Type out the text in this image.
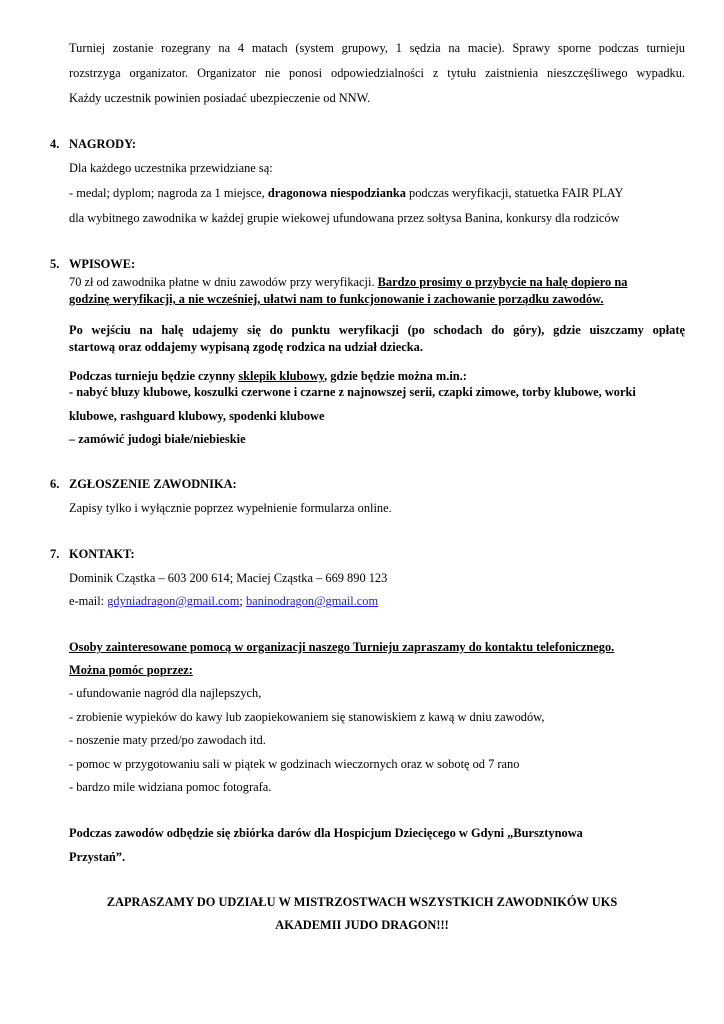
Turniej zostanie rozegrany na 4 matach (system grupowy, 1 sędzia na macie). Sprawy sporne podczas turnieju
rozstrzyga organizator. Organizator nie ponosi odpowiedzialności z tytułu zaistnienia nieszczęśliwego wypadku.
Każdy uczestnik powinien posiadać ubezpieczenie od NNW.
4. NAGRODY:
Dla każdego uczestnika przewidziane są:
- medal; dyplom; nagroda za 1 miejsce, dragonowa niespodzianka podczas weryfikacji, statuetka FAIR PLAY
dla wybitnego zawodnika w każdej grupie wiekowej ufundowana przez sołtysa Banina, konkursy dla rodziców
5. WPISOWE:
70 zł od zawodnika płatne w dniu zawodów przy weryfikacji. Bardzo prosimy o przybycie na halę dopiero na
godzinę weryfikacji, a nie wcześniej, ułatwi nam to funkcjonowanie i zachowanie porządku zawodów.
Po wejściu na halę udajemy się do punktu weryfikacji (po schodach do góry), gdzie uiszczamy opłatę
startową oraz oddajemy wypisaną zgodę rodzica na udział dziecka.
Podczas turnieju będzie czynny sklepik klubowy, gdzie będzie można m.in.:
- nabyć bluzy klubowe, koszulki czerwone i czarne z najnowszej serii, czapki zimowe, torby klubowe, worki
klubowe, rashguard klubowy, spodenki klubowe
– zamówić judogi białe/niebieskie
6. ZGŁOSZENIE ZAWODNIKA:
Zapisy tylko i wyłącznie poprzez wypełnienie formularza online.
7. KONTAKT:
Dominik Cząstka – 603 200 614; Maciej Cząstka – 669 890 123
e-mail: gdyniadragon@gmail.com; baninodragon@gmail.com
Osoby zainteresowane pomocą w organizacji naszego Turnieju zapraszamy do kontaktu telefonicznego.
Można pomóc poprzez:
- ufundowanie nagród dla najlepszych,
- zrobienie wypieków do kawy lub zaopiekowaniem się stanowiskiem z kawą w dniu zawodów,
- noszenie maty przed/po zawodach itd.
- pomoc w przygotowaniu sali w piątek w godzinach wieczornych oraz w sobotę od 7 rano
- bardzo mile widziana pomoc fotografa.
Podczas zawodów odbędzie się zbiórka darów dla Hospicjum Dziecięcego w Gdyni „Bursztynowa
Przystań”.
ZAPRASZAMY DO UDZIAŁU W MISTRZOSTWACH WSZYSTKICH ZAWODNIKÓW UKS
AKADEMII JUDO DRAGON!!!
